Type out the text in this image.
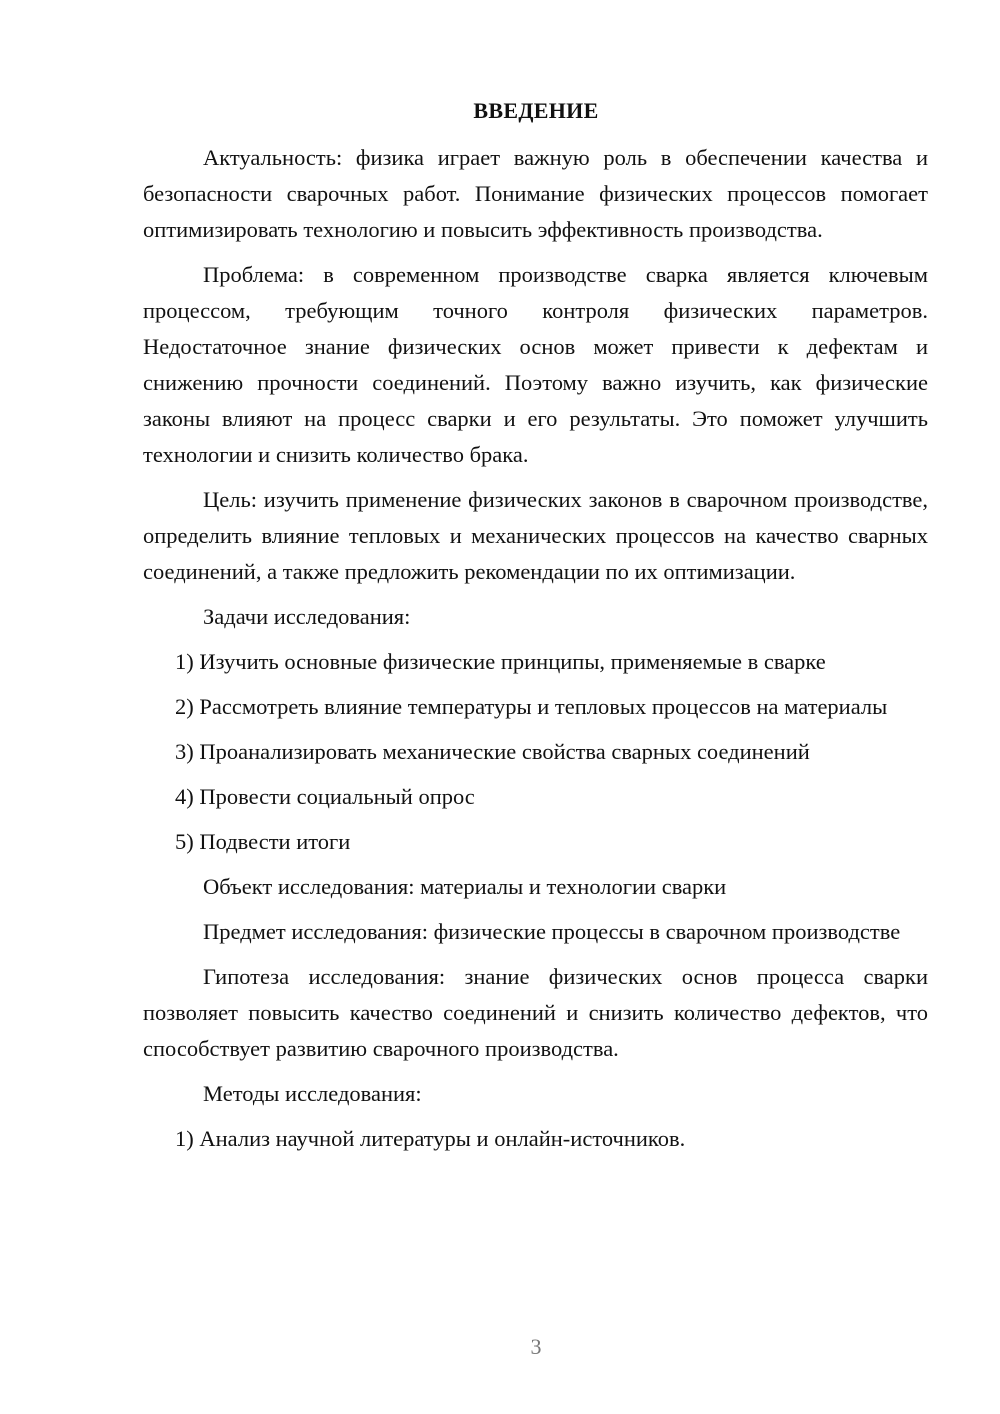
ВВЕДЕНИЕ

Актуальность: физика играет важную роль в обеспечении качества и безопасности сварочных работ. Понимание физических процессов помогает оптимизировать технологию и повысить эффективность производства.

Проблема: в современном производстве сварка является ключевым процессом, требующим точного контроля физических параметров. Недостаточное знание физических основ может привести к дефектам и снижению прочности соединений. Поэтому важно изучить, как физические законы влияют на процесс сварки и его результаты. Это поможет улучшить технологии и снизить количество брака.

Цель: изучить применение физических законов в сварочном производстве, определить влияние тепловых и механических процессов на качество сварных соединений, а также предложить рекомендации по их оптимизации.

Задачи исследования:

1) Изучить основные физические принципы, применяемые в сварке

2) Рассмотреть влияние температуры и тепловых процессов на материалы

3) Проанализировать механические свойства сварных соединений

4) Провести социальный опрос

5) Подвести итоги

Объект исследования: материалы и технологии сварки

Предмет исследования: физические процессы в сварочном производстве

Гипотеза исследования: знание физических основ процесса сварки позволяет повысить качество соединений и снизить количество дефектов, что способствует развитию сварочного производства.

Методы исследования:

1) Анализ научной литературы и онлайн-источников.

3
